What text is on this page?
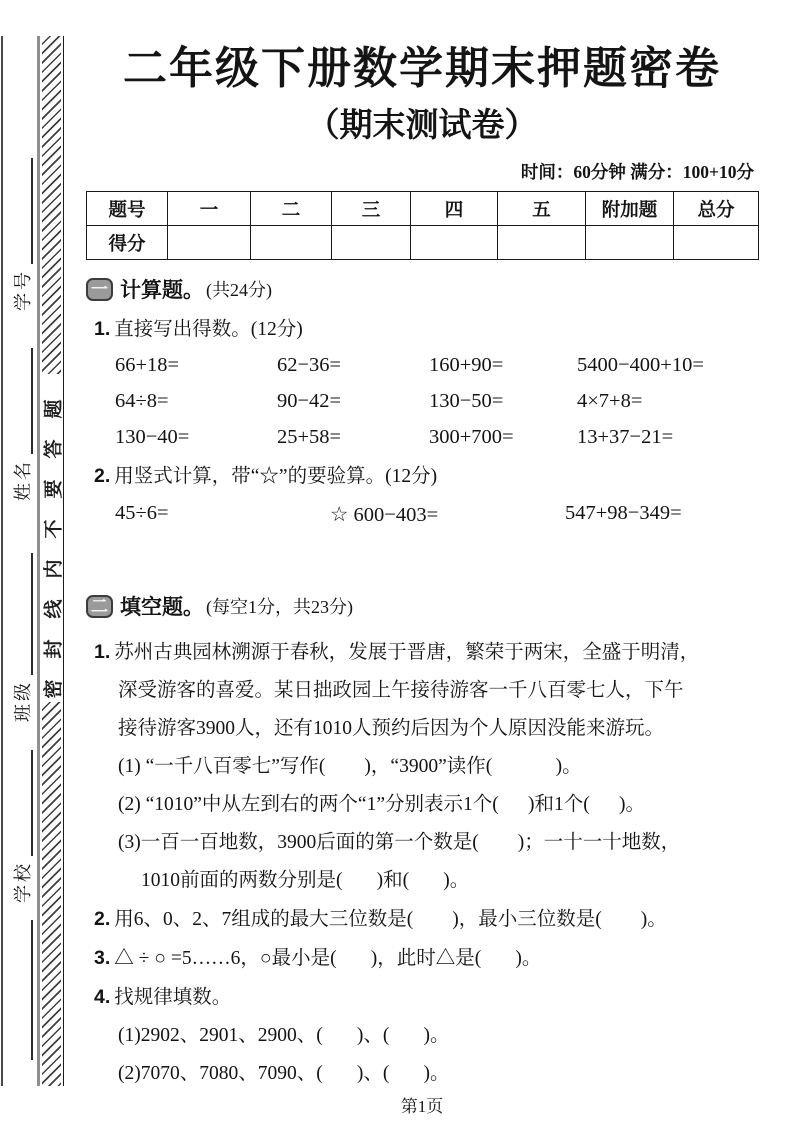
学号
姓名
班级
学校
密封线内不要答题
二年级下册数学期末押题密卷
（期末测试卷）
时间：60分钟 满分：100+10分
题号	一	二	三	四	五	附加题	总分
得分							
一 计算题。 (共24分)
1. 直接写出得数。(12分)
66+18=	62−36=	160+90=	5400−400+10=
64÷8=	90−42=	130−50=	4×7+8=
130−40=	25+58=	300+700=	13+37−21=
2. 用竖式计算，带“☆”的要验算。(12分)
45÷6=	☆ 600−403=	547+98−349=
二 填空题。 (每空1分，共23分)
1. 苏州古典园林溯源于春秋，发展于晋唐，繁荣于两宋，全盛于明清，
深受游客的喜爱。某日拙政园上午接待游客一千八百零七人，下午
接待游客3900人，还有1010人预约后因为个人原因没能来游玩。
(1) “一千八百零七”写作(        )，“3900”读作(             )。
(2) “1010”中从左到右的两个“1”分别表示1个(      )和1个(      )。
(3)一百一百地数，3900后面的第一个数是(        )；一十一十地数，
1010前面的两数分别是(       )和(       )。
2. 用6、0、2、7组成的最大三位数是(        )，最小三位数是(        )。
3. △ ÷ ○ =5……6，○最小是(       )，此时△是(       )。
4. 找规律填数。
(1)2902、2901、2900、(       )、(       )。
(2)7070、7080、7090、(       )、(       )。
第1页
